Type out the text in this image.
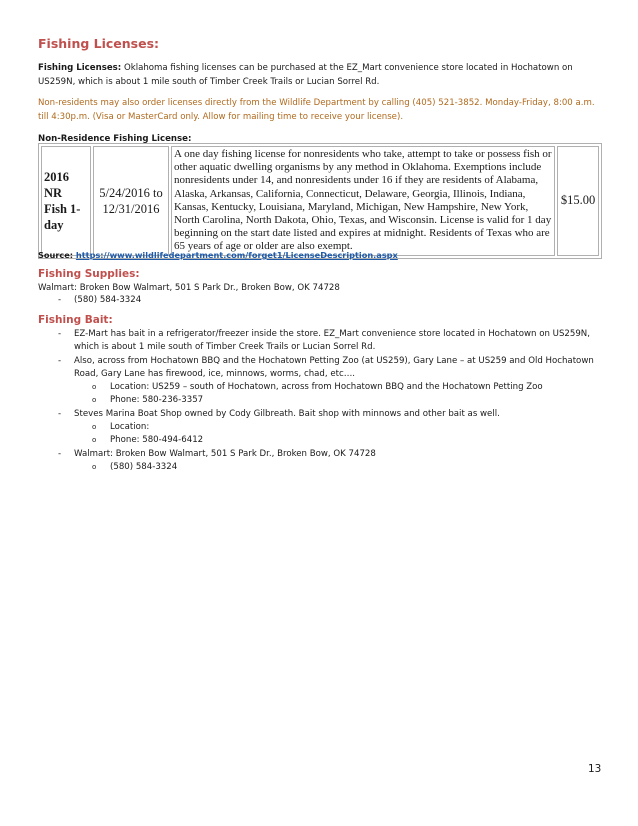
Fishing Licenses:

Fishing Licenses: Oklahoma fishing licenses can be purchased at the EZ_Mart convenience store located in Hochatown on US259N, which is about 1 mile south of Timber Creek Trails or Lucian Sorrel Rd.

Non-residents may also order licenses directly from the Wildlife Department by calling (405) 521-3852. Monday-Friday, 8:00 a.m. till 4:30p.m. (Visa or MasterCard only. Allow for mailing time to receive your license).

Non-Residence Fishing License:

2016 NR Fish 1-day	5/24/2016 to 12/31/2016	A one day fishing license for nonresidents who take, attempt to take or possess fish or other aquatic dwelling organisms by any method in Oklahoma. Exemptions include nonresidents under 14, and nonresidents under 16 if they are residents of Alabama, Alaska, Arkansas, California, Connecticut, Delaware, Georgia, Illinois, Indiana, Kansas, Kentucky, Louisiana, Maryland, Michigan, New Hampshire, New York, North Carolina, North Dakota, Ohio, Texas, and Wisconsin. License is valid for 1 day beginning on the start date listed and expires at midnight. Residents of Texas who are 65 years of age or older are also exempt.	$15.00
Source: https://www.wildlifedepartment.com/forget1/LicenseDescription.aspx
Fishing Supplies:
Walmart: Broken Bow Walmart, 501 S Park Dr., Broken Bow, OK 74728
- (580) 584-3324
Fishing Bait:
- EZ-Mart has bait in a refrigerator/freezer inside the store. EZ_Mart convenience store located in Hochatown on US259N, which is about 1 mile south of Timber Creek Trails or Lucian Sorrel Rd.
- Also, across from Hochatown BBQ and the Hochatown Petting Zoo (at US259), Gary Lane – at US259 and Old Hochatown Road, Gary Lane has firewood, ice, minnows, worms, chad, etc….
o Location: US259 – south of Hochatown, across from Hochatown BBQ and the Hochatown Petting Zoo
o Phone: 580-236-3357
- Steves Marina Boat Shop owned by Cody Gilbreath. Bait shop with minnows and other bait as well.
o Location:
o Phone: 580-494-6412
- Walmart: Broken Bow Walmart, 501 S Park Dr., Broken Bow, OK 74728
o (580) 584-3324
13
